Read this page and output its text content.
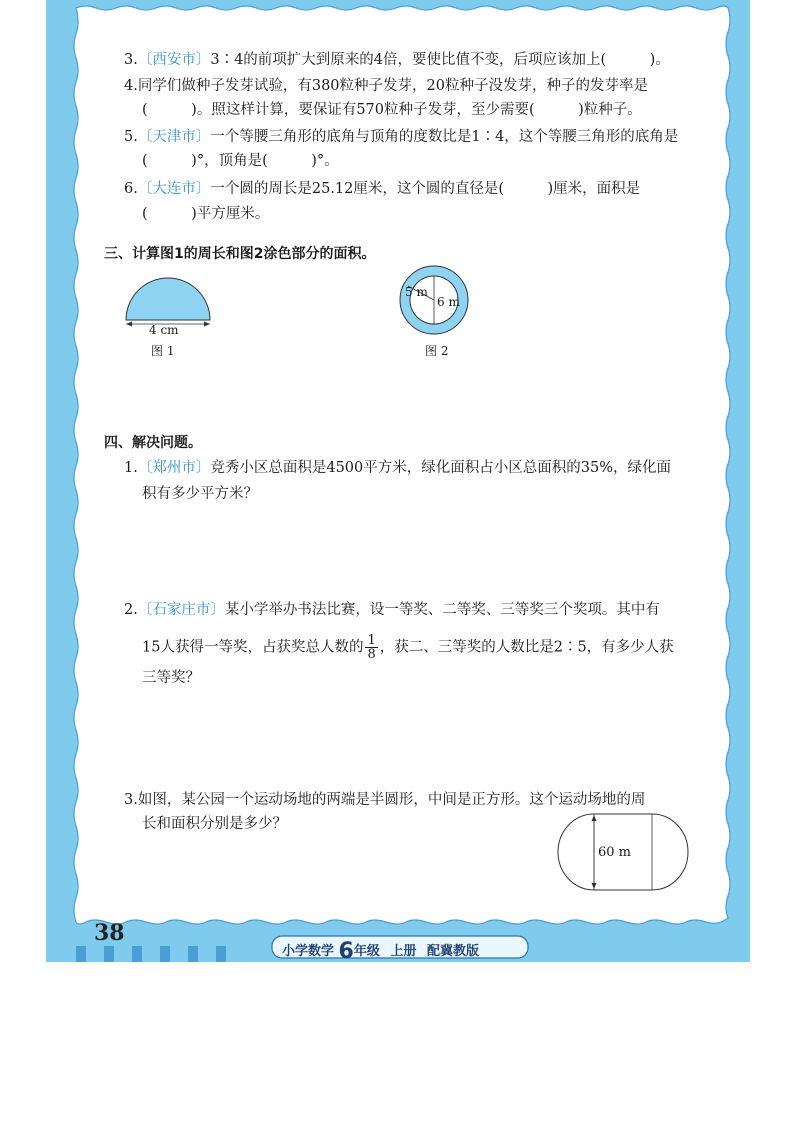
3.〔西安市〕3∶4的前项扩大到原来的4倍，要使比值不变，后项应该加上(　　　)。
4.同学们做种子发芽试验，有380粒种子发芽，20粒种子没发芽，种子的发芽率是
(　　　)。照这样计算，要保证有570粒种子发芽，至少需要(　　　)粒种子。
5.〔天津市〕一个等腰三角形的底角与顶角的度数比是1∶4，这个等腰三角形的底角是
(　　　)°，顶角是(　　　)°。
6.〔大连市〕一个圆的周长是25.12厘米，这个圆的直径是(　　　)厘米，面积是
(　　　)平方厘米。
三、计算图1的周长和图2涂色部分的面积。
4 cm
图 1
5 m
6 m
图 2
四、解决问题。
1.〔郑州市〕竞秀小区总面积是4500平方米，绿化面积占小区总面积的35%，绿化面
积有多少平方米？
2.〔石家庄市〕某小学举办书法比赛，设一等奖、二等奖、三等奖三个奖项。其中有
15人获得一等奖，占获奖总人数的 $\frac{1}{8}$ ，获二、三等奖的人数比是2∶5，有多少人获
三等奖？
3.如图，某公园一个运动场地的两端是半圆形，中间是正方形。这个运动场地的周
长和面积分别是多少？
60 m
38
小学数学 6年级 上册 配冀教版
